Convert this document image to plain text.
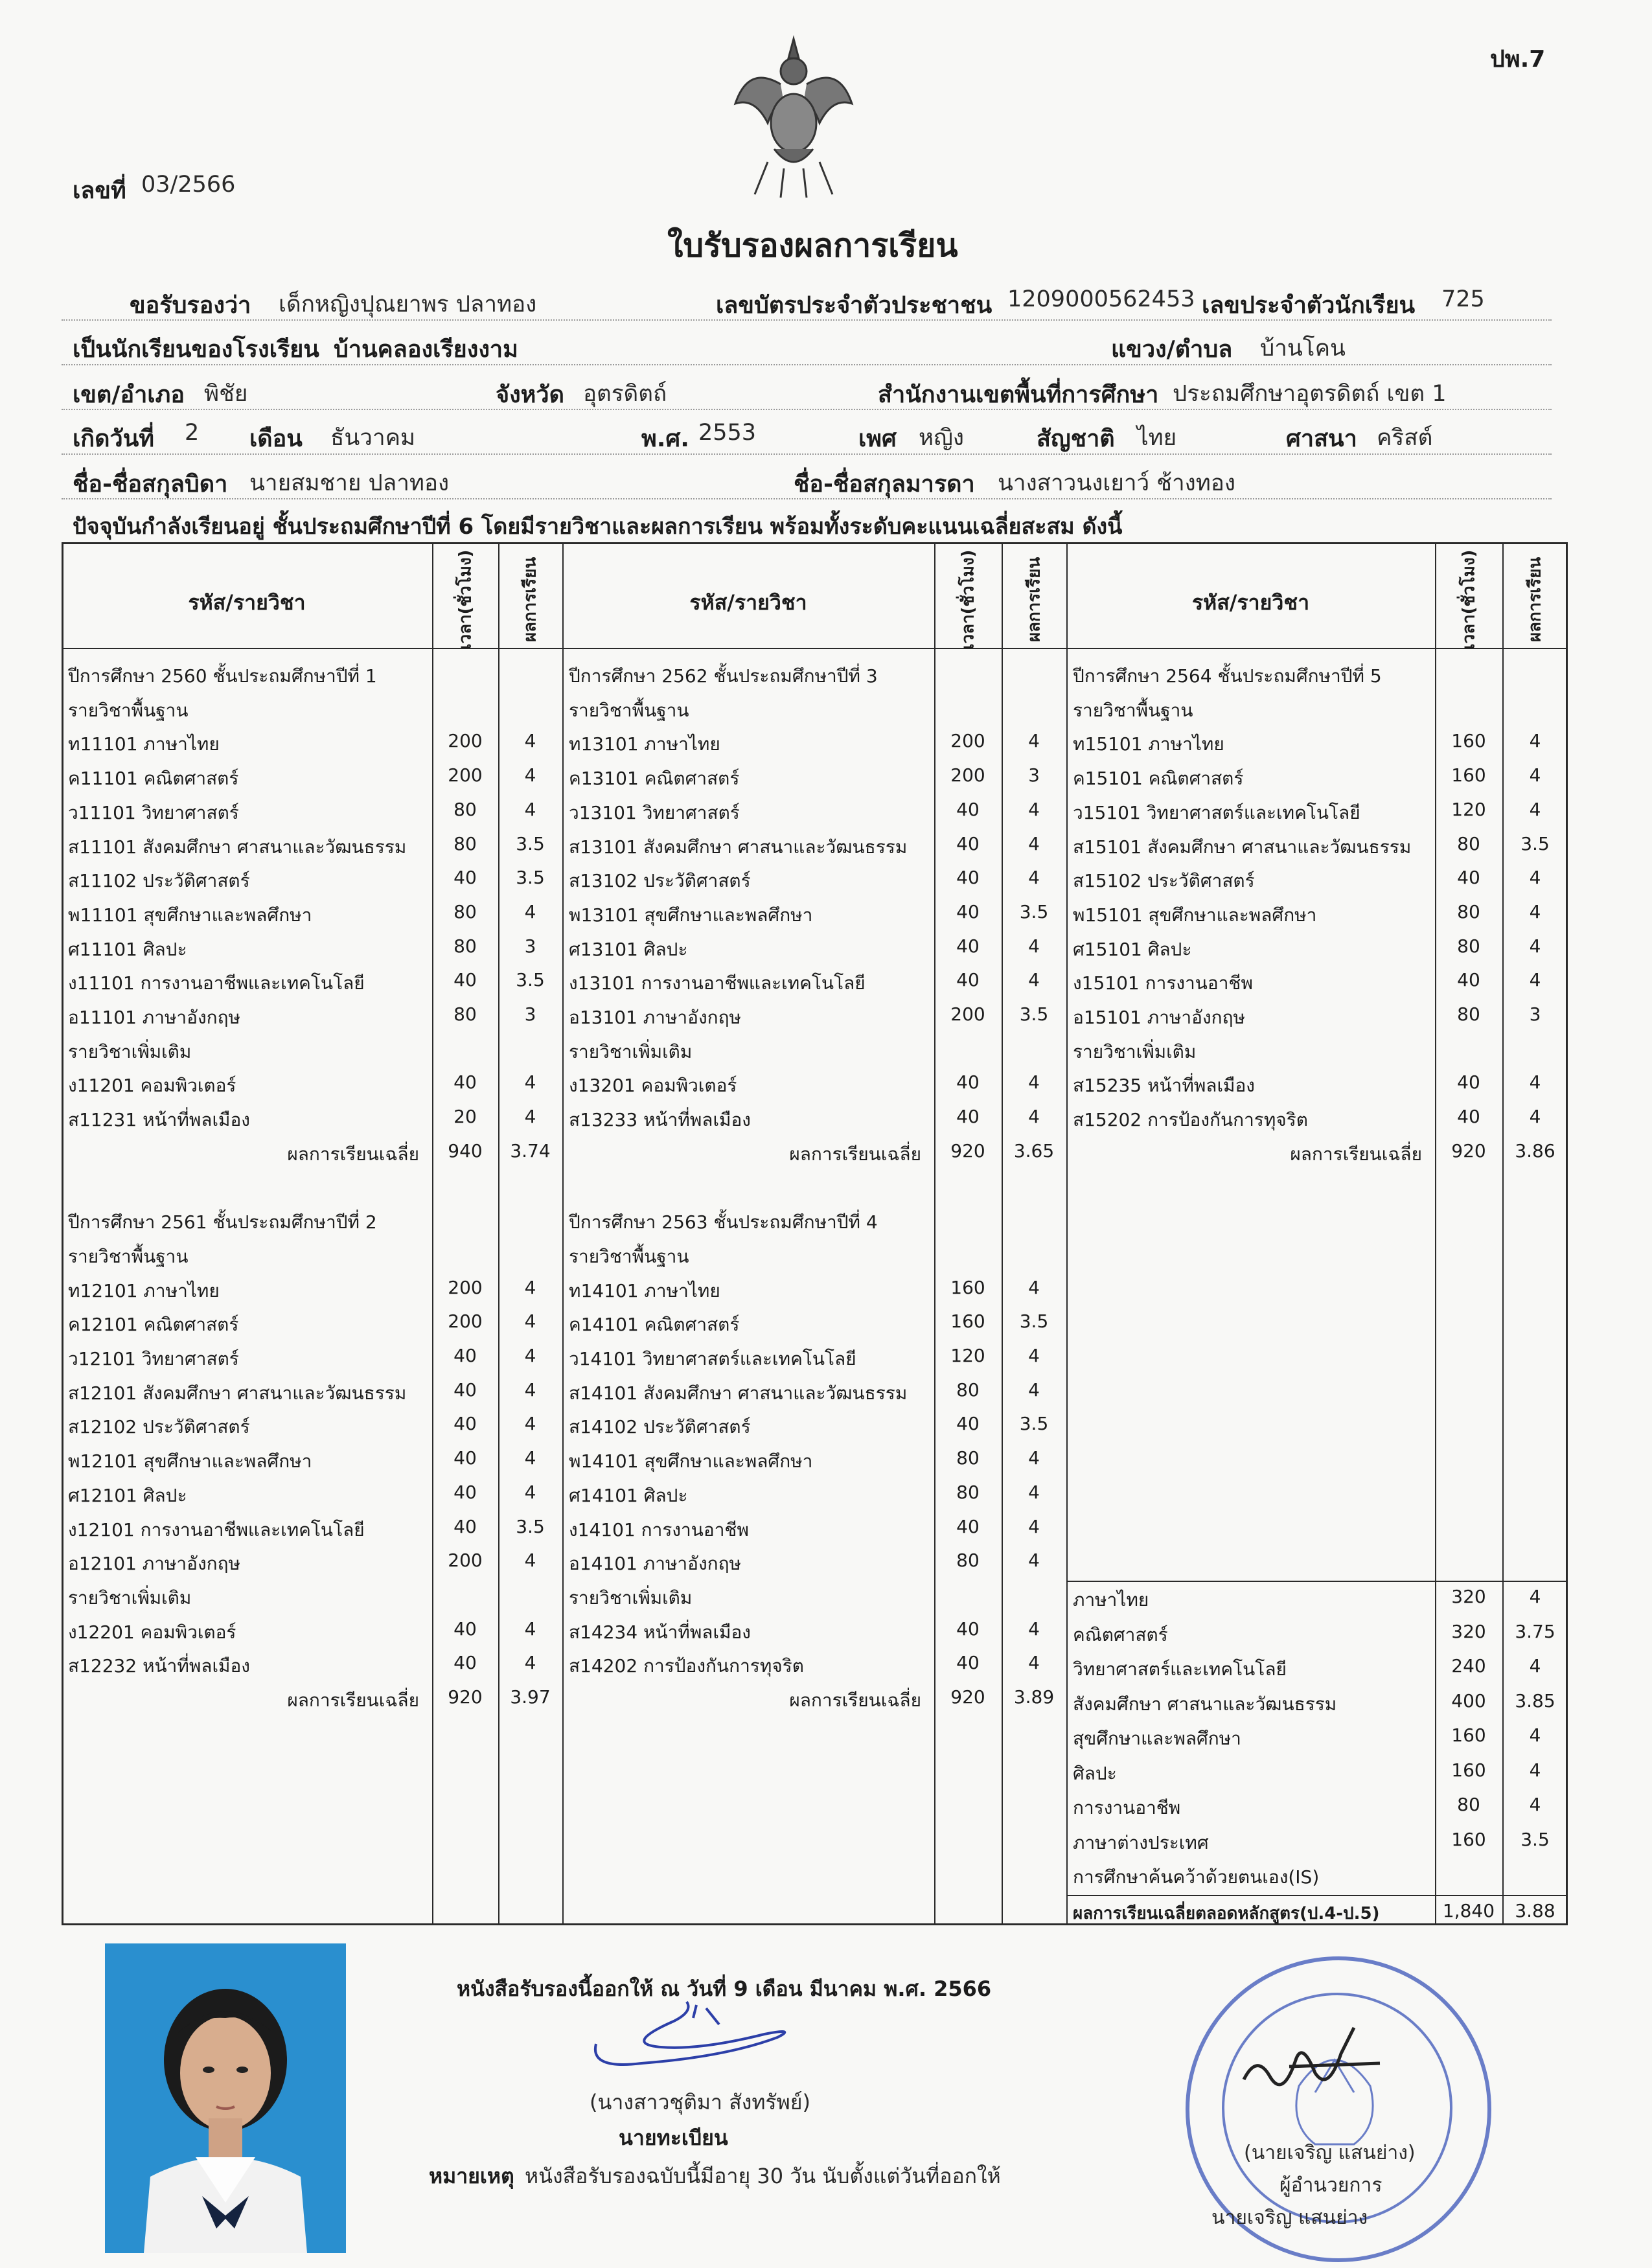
ปพ.7
เลขที่ 03/2566
ใบรับรองผลการเรียน
ขอรับรองว่า เด็กหญิงปุณยาพร ปลาทอง	เลขบัตรประจำตัวประชาชน 1209000562453 เลขประจำตัวนักเรียน 725
เป็นนักเรียนของโรงเรียน บ้านคลองเรียงงาม	แขวง/ตำบล บ้านโคน
เขต/อำเภอ พิชัย	จังหวัด อุตรดิตถ์	สำนักงานเขตพื้นที่การศึกษา ประถมศึกษาอุตรดิตถ์ เขต 1
เกิดวันที่ 2 เดือน ธันวาคม	พ.ศ. 2553	เพศ หญิง	สัญชาติ ไทย	ศาสนา คริสต์
ชื่อ-ชื่อสกุลบิดา นายสมชาย ปลาทอง	ชื่อ-ชื่อสกุลมารดา นางสาวนงเยาว์ ช้างทอง
ปัจจุบันกำลังเรียนอยู่ ชั้นประถมศึกษาปีที่ 6 โดยมีรายวิชาและผลการเรียน พร้อมทั้งระดับคะแนนเฉลี่ยสะสม ดังนี้
รหัส/รายวิชา	รหัส/รายวิชา	รหัส/รายวิชา
เวลา(ชั่วโมง)	ผลการเรียน	เวลา(ชั่วโมง)	ผลการเรียน	เวลา(ชั่วโมง)	ผลการเรียน
ปีการศึกษา 2560 ชั้นประถมศึกษาปีที่ 1
รายวิชาพื้นฐาน
ท11101 ภาษาไทย	200	4
ค11101 คณิตศาสตร์	200	4
ว11101 วิทยาศาสตร์	80	4
ส11101 สังคมศึกษา ศาสนาและวัฒนธรรม	80	3.5
ส11102 ประวัติศาสตร์	40	3.5
พ11101 สุขศึกษาและพลศึกษา	80	4
ศ11101 ศิลปะ	80	3
ง11101 การงานอาชีพและเทคโนโลยี	40	3.5
อ11101 ภาษาอังกฤษ	80	3
รายวิชาเพิ่มเติม
ง11201 คอมพิวเตอร์	40	4
ส11231 หน้าที่พลเมือง	20	4
ผลการเรียนเฉลี่ย	940	3.74
ปีการศึกษา 2561 ชั้นประถมศึกษาปีที่ 2
รายวิชาพื้นฐาน
ท12101 ภาษาไทย	200	4
ค12101 คณิตศาสตร์	200	4
ว12101 วิทยาศาสตร์	40	4
ส12101 สังคมศึกษา ศาสนาและวัฒนธรรม	40	4
ส12102 ประวัติศาสตร์	40	4
พ12101 สุขศึกษาและพลศึกษา	40	4
ศ12101 ศิลปะ	40	4
ง12101 การงานอาชีพและเทคโนโลยี	40	3.5
อ12101 ภาษาอังกฤษ	200	4
รายวิชาเพิ่มเติม
ง12201 คอมพิวเตอร์	40	4
ส12232 หน้าที่พลเมือง	40	4
ผลการเรียนเฉลี่ย	920	3.97
ปีการศึกษา 2562 ชั้นประถมศึกษาปีที่ 3
รายวิชาพื้นฐาน
ท13101 ภาษาไทย	200	4
ค13101 คณิตศาสตร์	200	3
ว13101 วิทยาศาสตร์	40	4
ส13101 สังคมศึกษา ศาสนาและวัฒนธรรม	40	4
ส13102 ประวัติศาสตร์	40	4
พ13101 สุขศึกษาและพลศึกษา	40	3.5
ศ13101 ศิลปะ	40	4
ง13101 การงานอาชีพและเทคโนโลยี	40	4
อ13101 ภาษาอังกฤษ	200	3.5
รายวิชาเพิ่มเติม
ง13201 คอมพิวเตอร์	40	4
ส13233 หน้าที่พลเมือง	40	4
ผลการเรียนเฉลี่ย	920	3.65
ปีการศึกษา 2563 ชั้นประถมศึกษาปีที่ 4
รายวิชาพื้นฐาน
ท14101 ภาษาไทย	160	4
ค14101 คณิตศาสตร์	160	3.5
ว14101 วิทยาศาสตร์และเทคโนโลยี	120	4
ส14101 สังคมศึกษา ศาสนาและวัฒนธรรม	80	4
ส14102 ประวัติศาสตร์	40	3.5
พ14101 สุขศึกษาและพลศึกษา	80	4
ศ14101 ศิลปะ	80	4
ง14101 การงานอาชีพ	40	4
อ14101 ภาษาอังกฤษ	80	4
รายวิชาเพิ่มเติม
ส14234 หน้าที่พลเมือง	40	4
ส14202 การป้องกันการทุจริต	40	4
ผลการเรียนเฉลี่ย	920	3.89
ปีการศึกษา 2564 ชั้นประถมศึกษาปีที่ 5
รายวิชาพื้นฐาน
ท15101 ภาษาไทย	160	4
ค15101 คณิตศาสตร์	160	4
ว15101 วิทยาศาสตร์และเทคโนโลยี	120	4
ส15101 สังคมศึกษา ศาสนาและวัฒนธรรม	80	3.5
ส15102 ประวัติศาสตร์	40	4
พ15101 สุขศึกษาและพลศึกษา	80	4
ศ15101 ศิลปะ	80	4
ง15101 การงานอาชีพ	40	4
อ15101 ภาษาอังกฤษ	80	3
รายวิชาเพิ่มเติม
ส15235 หน้าที่พลเมือง	40	4
ส15202 การป้องกันการทุจริต	40	4
ผลการเรียนเฉลี่ย	920	3.86
ภาษาไทย	320	4
คณิตศาสตร์	320	3.75
วิทยาศาสตร์และเทคโนโลยี	240	4
สังคมศึกษา ศาสนาและวัฒนธรรม	400	3.85
สุขศึกษาและพลศึกษา	160	4
ศิลปะ	160	4
การงานอาชีพ	80	4
ภาษาต่างประเทศ	160	3.5
การศึกษาค้นคว้าด้วยตนเอง(IS)
ผลการเรียนเฉลี่ยตลอดหลักสูตร(ป.4-ป.5)	1,840	3.88
หนังสือรับรองนี้ออกให้ ณ วันที่ 9 เดือน มีนาคม พ.ศ. 2566
(นางสาวชุติมา สังทรัพย์)
นายทะเบียน
หมายเหตุ หนังสือรับรองฉบับนี้มีอายุ 30 วัน นับตั้งแต่วันที่ออกให้
(นายเจริญ แสนย่าง)
ผู้อำนวยการ
นายเจริญ แสนย่าง
